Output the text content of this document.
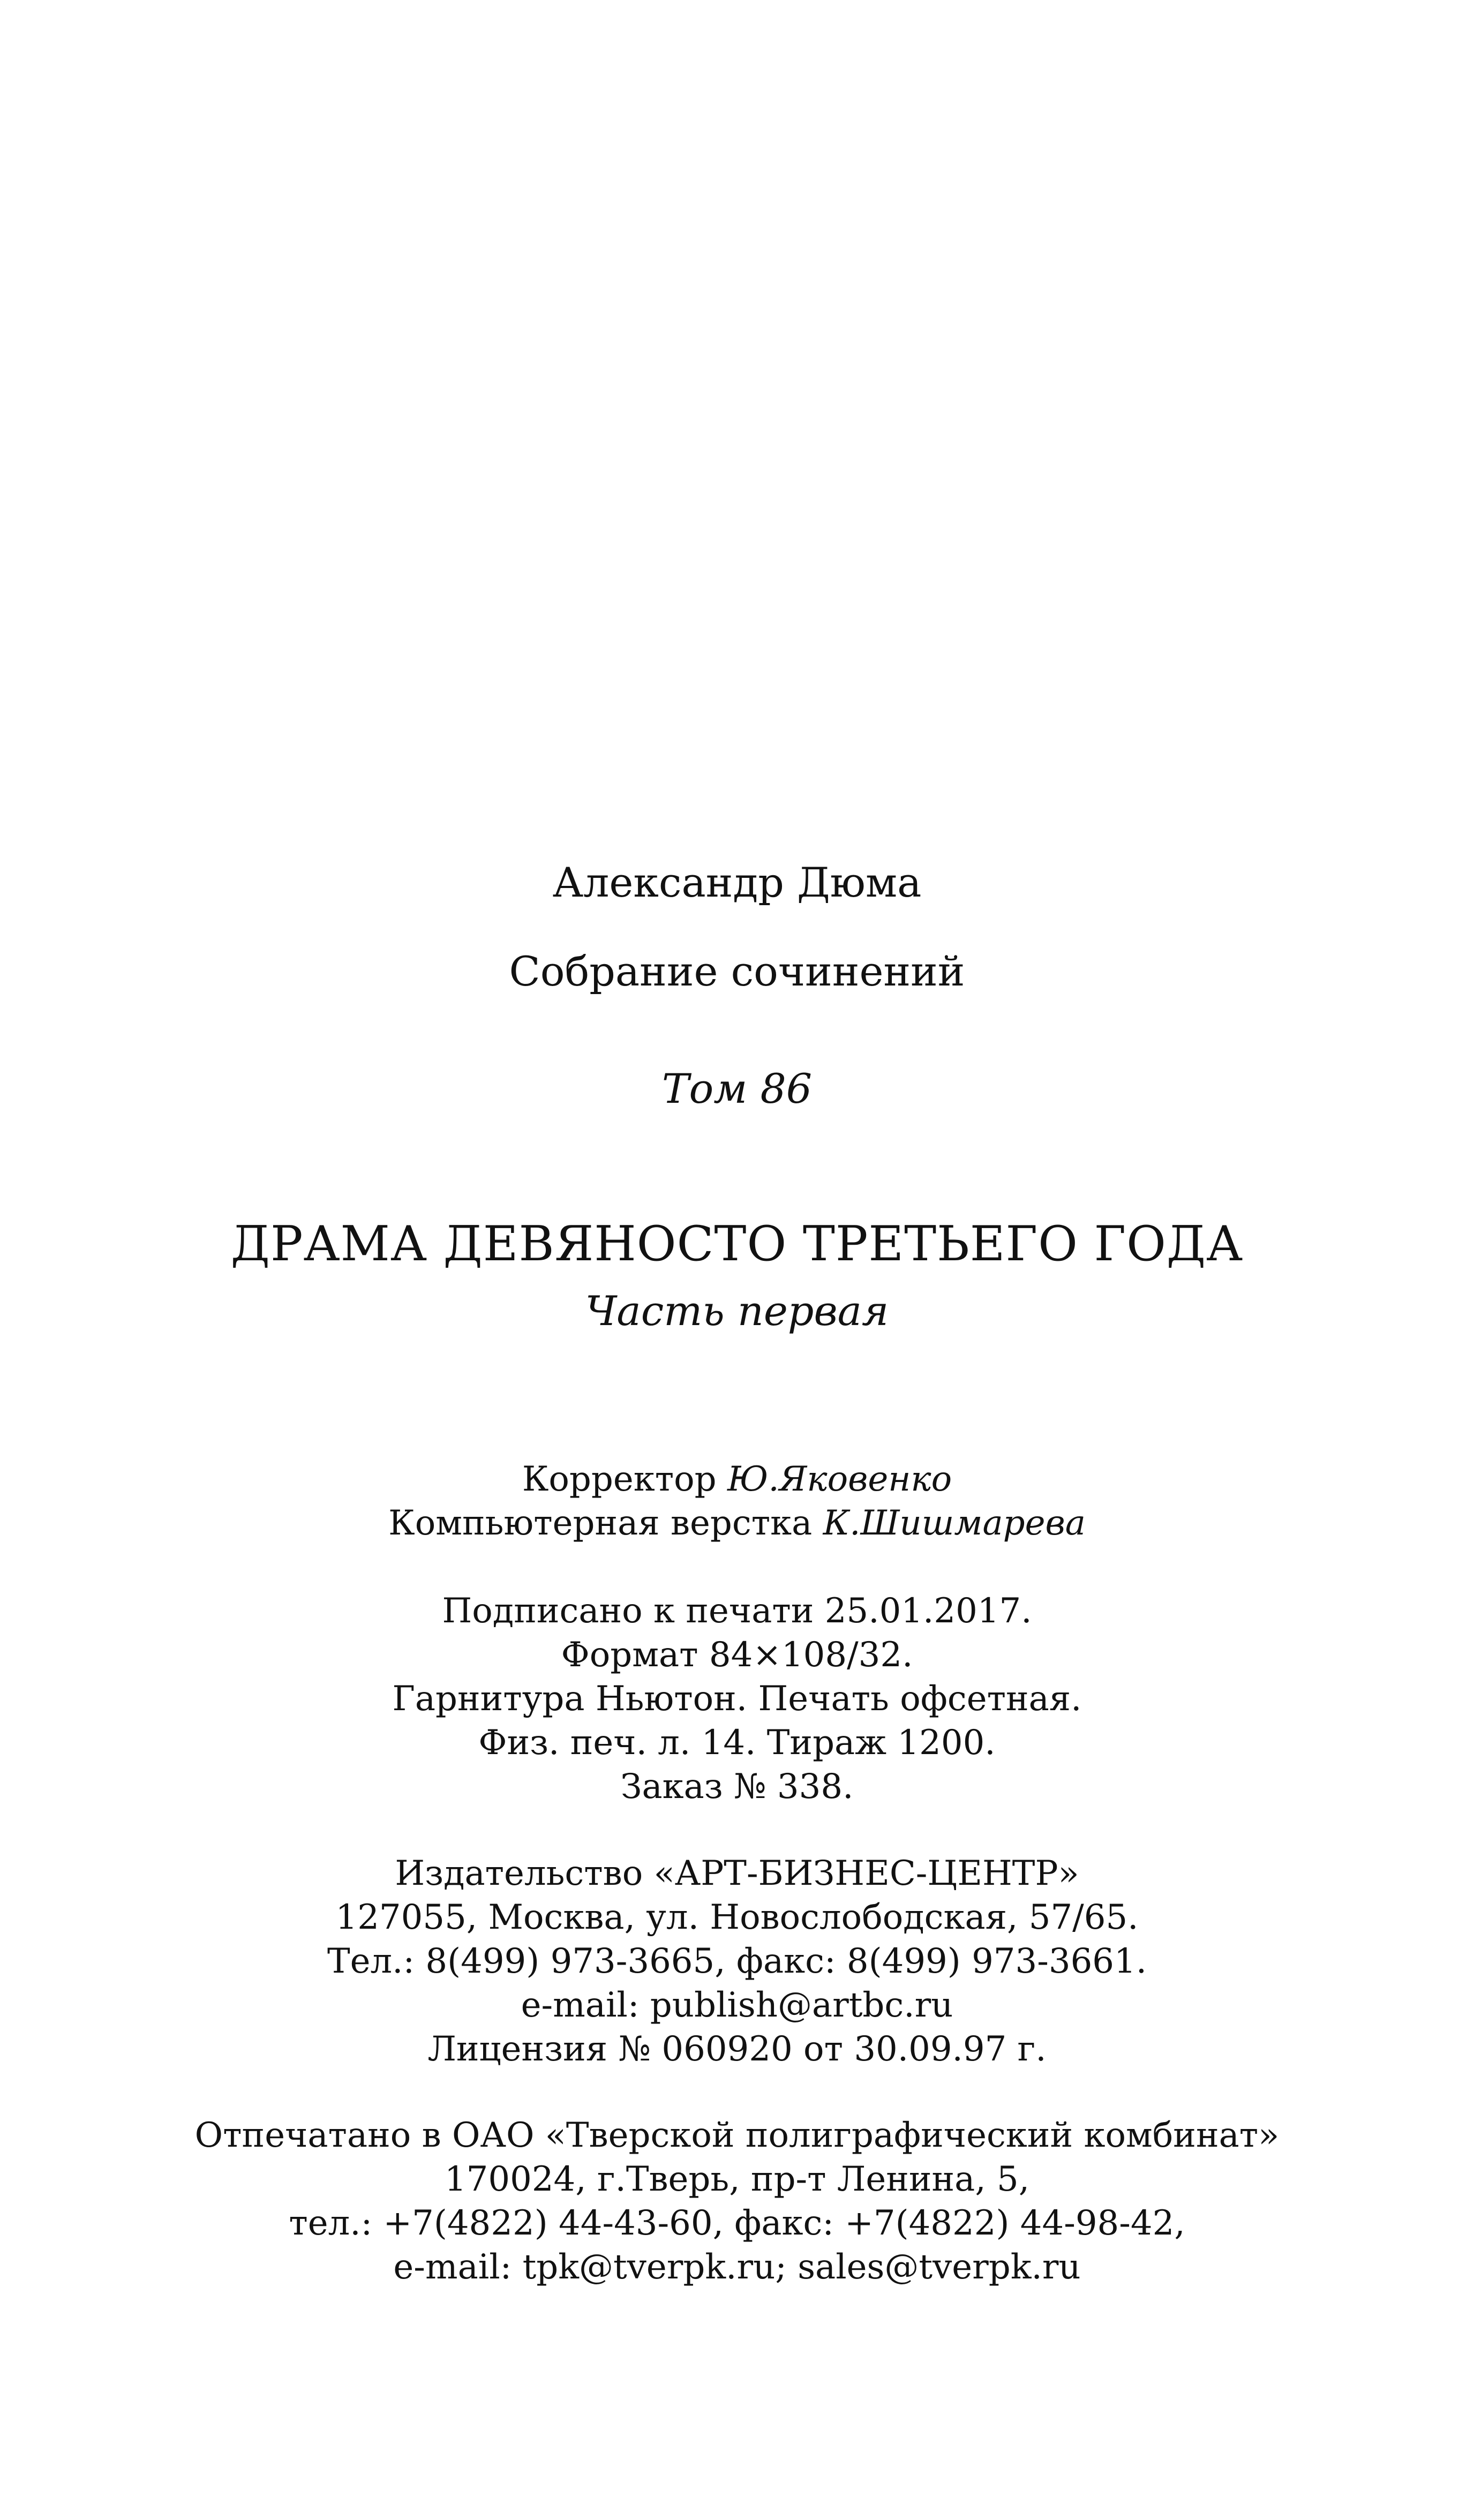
Александр Дюма
Собрание сочинений
Том 86
ДРАМА ДЕВЯНОСТО ТРЕТЬЕГО ГОДА
Часть первая
Корректор Ю.Яковенко
Компьютерная верстка К.Шишмарева
Подписано к печати 25.01.2017.
Формат 84×108/32.
Гарнитура Ньютон. Печать офсетная.
Физ. печ. л. 14. Тираж 1200.
Заказ № 338.
Издательство «АРТ-БИЗНЕС-ЦЕНТР»
127055, Москва, ул. Новослободская, 57/65.
Тел.: 8(499) 973-3665, факс: 8(499) 973-3661.
e-mail: publish@artbc.ru
Лицензия № 060920 от 30.09.97 г.
Отпечатано в ОАО «Тверской полиграфический комбинат»
170024, г.Тверь, пр-т Ленина, 5,
тел.: +7(4822) 44-43-60, факс: +7(4822) 44-98-42,
e-mail: tpk@tverpk.ru; sales@tverpk.ru
